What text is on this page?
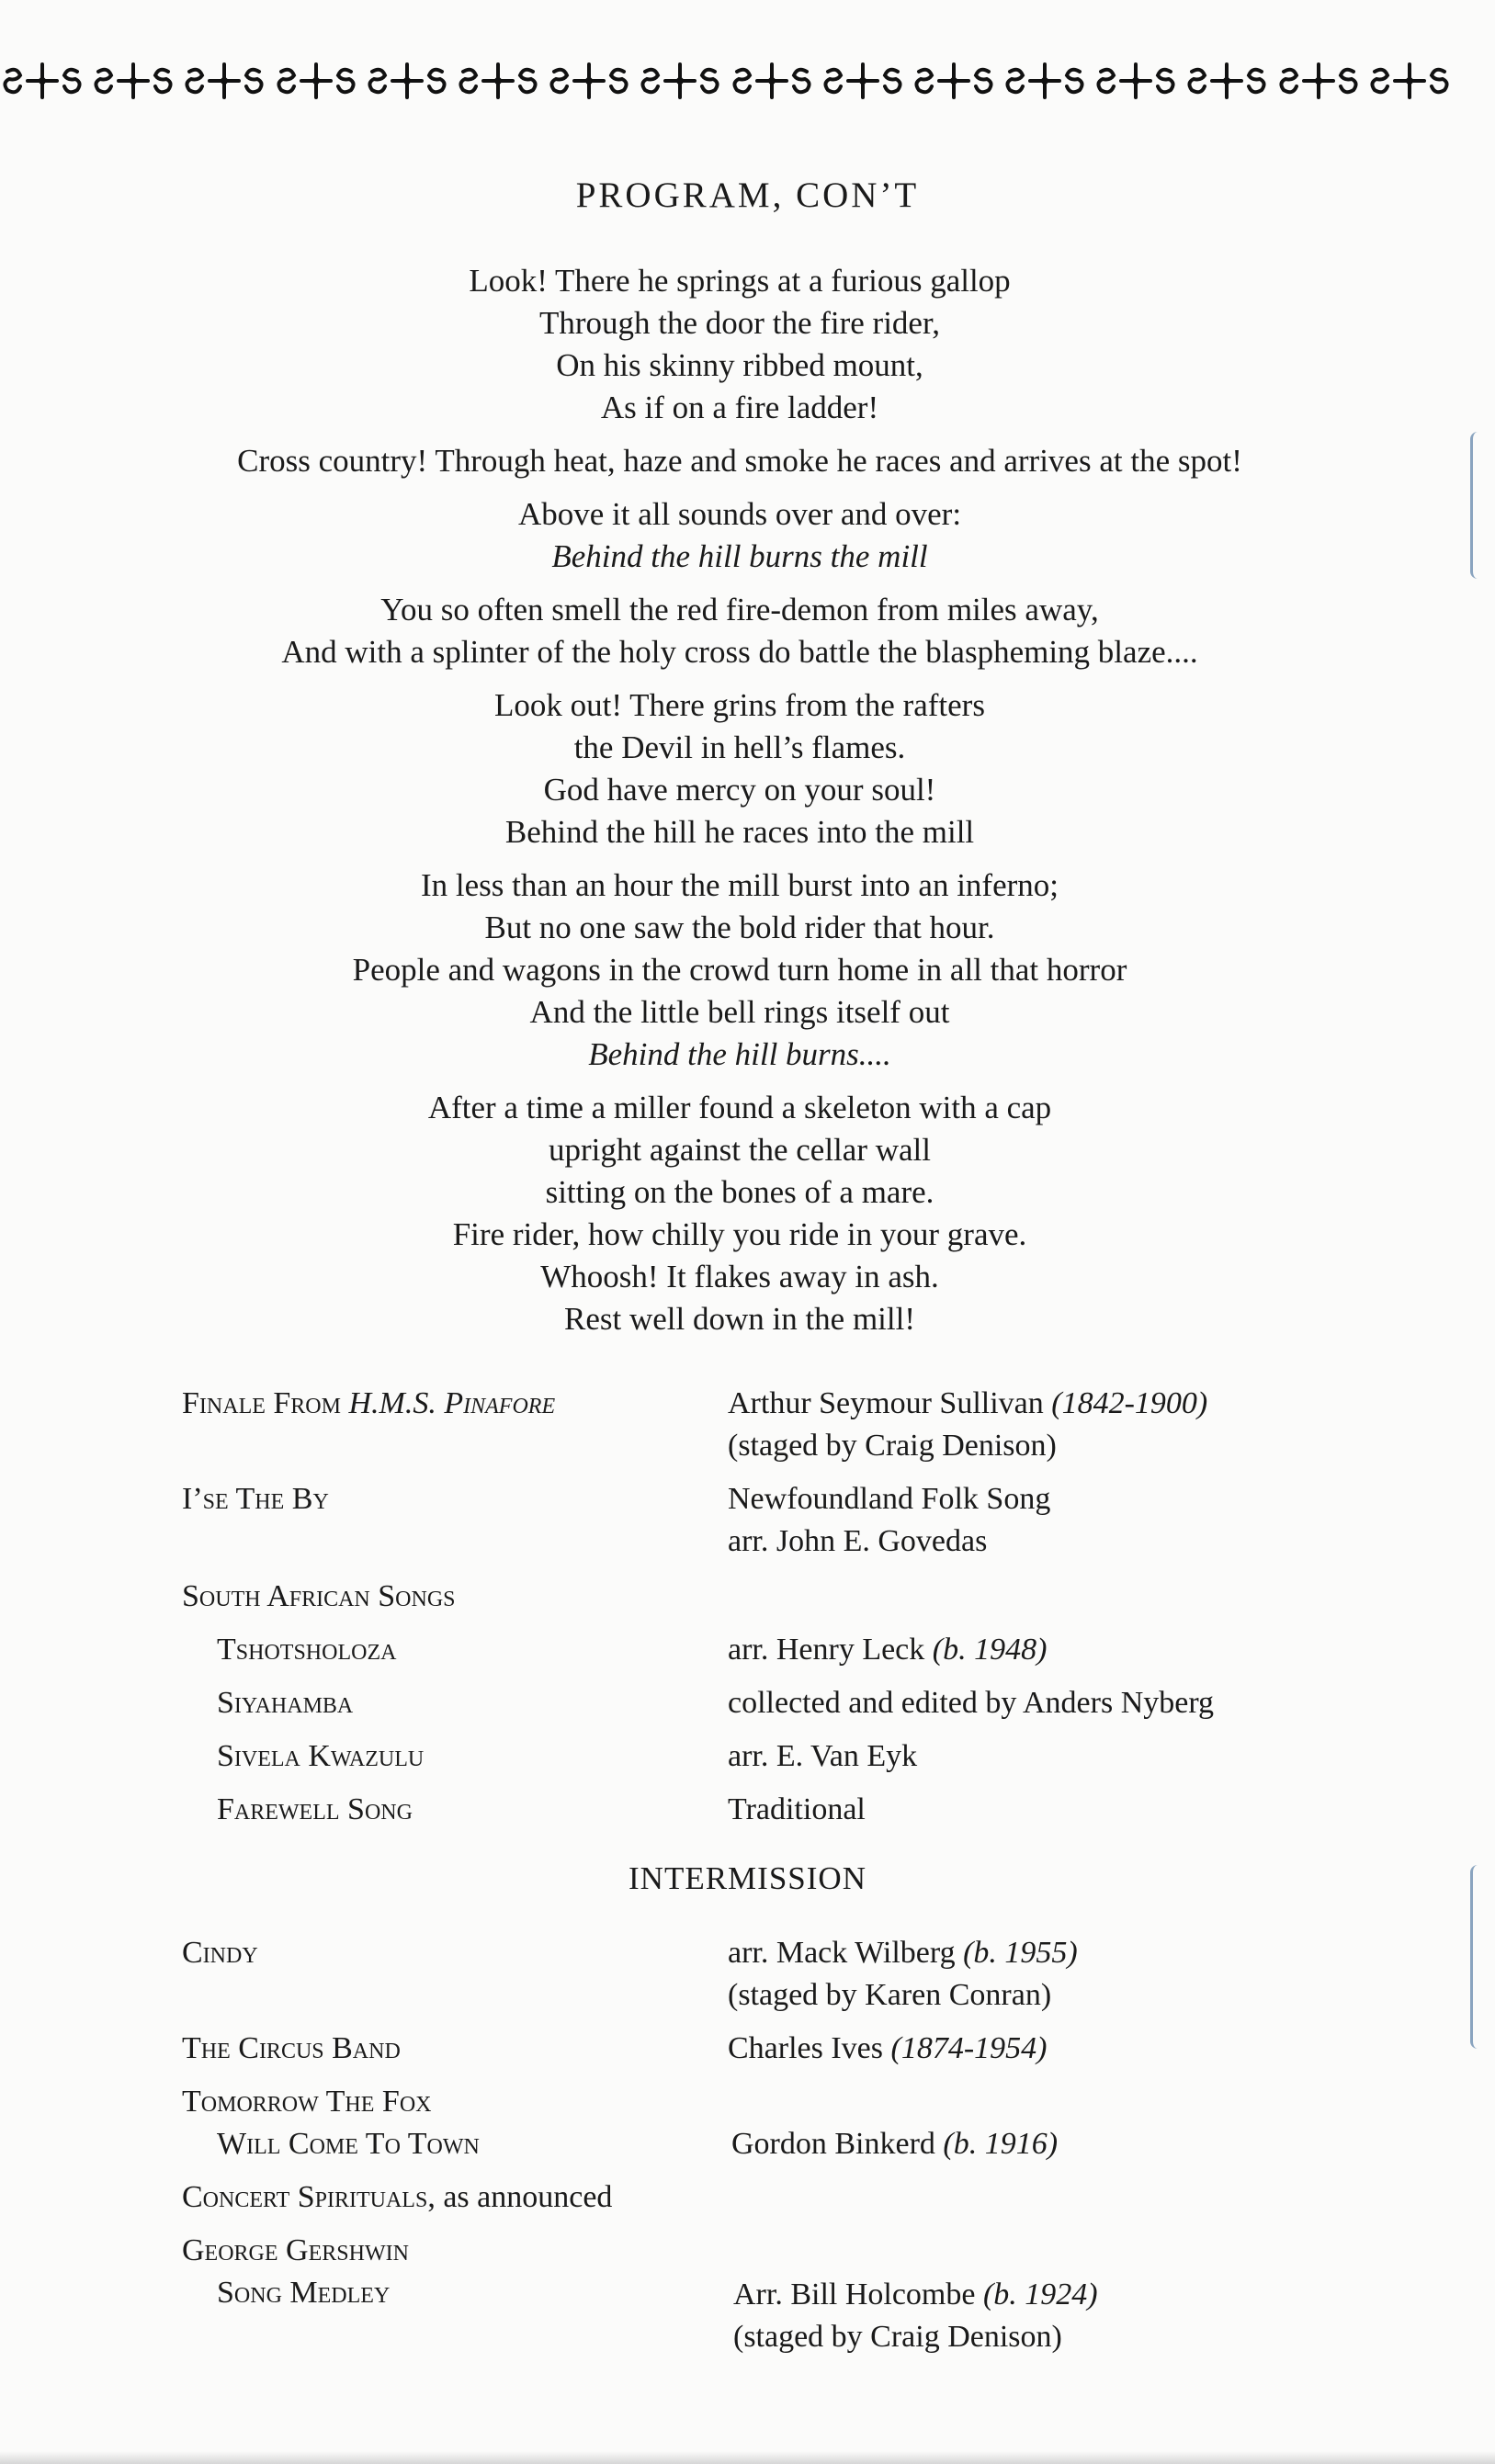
PROGRAM, CON’T
Look! There he springs at a furious gallop
Through the door the fire rider,
On his skinny ribbed mount,
As if on a fire ladder!
Cross country! Through heat, haze and smoke he races and arrives at the spot!
Above it all sounds over and over:
Behind the hill burns the mill
You so often smell the red fire-demon from miles away,
And with a splinter of the holy cross do battle the blaspheming blaze....
Look out! There grins from the rafters
the Devil in hell’s flames.
God have mercy on your soul!
Behind the hill he races into the mill
In less than an hour the mill burst into an inferno;
But no one saw the bold rider that hour.
People and wagons in the crowd turn home in all that horror
And the little bell rings itself out
Behind the hill burns....
After a time a miller found a skeleton with a cap
upright against the cellar wall
sitting on the bones of a mare.
Fire rider, how chilly you ride in your grave.
Whoosh! It flakes away in ash.
Rest well down in the mill!
Finale From H.M.S. Pinafore	Arthur Seymour Sullivan (1842-1900)
(staged by Craig Denison)
I’se The By	Newfoundland Folk Song
arr. John E. Govedas
South African Songs
Tshotsholoza	arr. Henry Leck (b. 1948)
Siyahamba	collected and edited by Anders Nyberg
Sivela Kwazulu	arr. E. Van Eyk
Farewell Song	Traditional
INTERMISSION
Cindy	arr. Mack Wilberg (b. 1955)
(staged by Karen Conran)
The Circus Band	Charles Ives (1874-1954)
Tomorrow The Fox
Will Come To Town	Gordon Binkerd (b. 1916)
Concert Spirituals, as announced
George Gershwin
Song Medley	Arr. Bill Holcombe (b. 1924)
(staged by Craig Denison)
